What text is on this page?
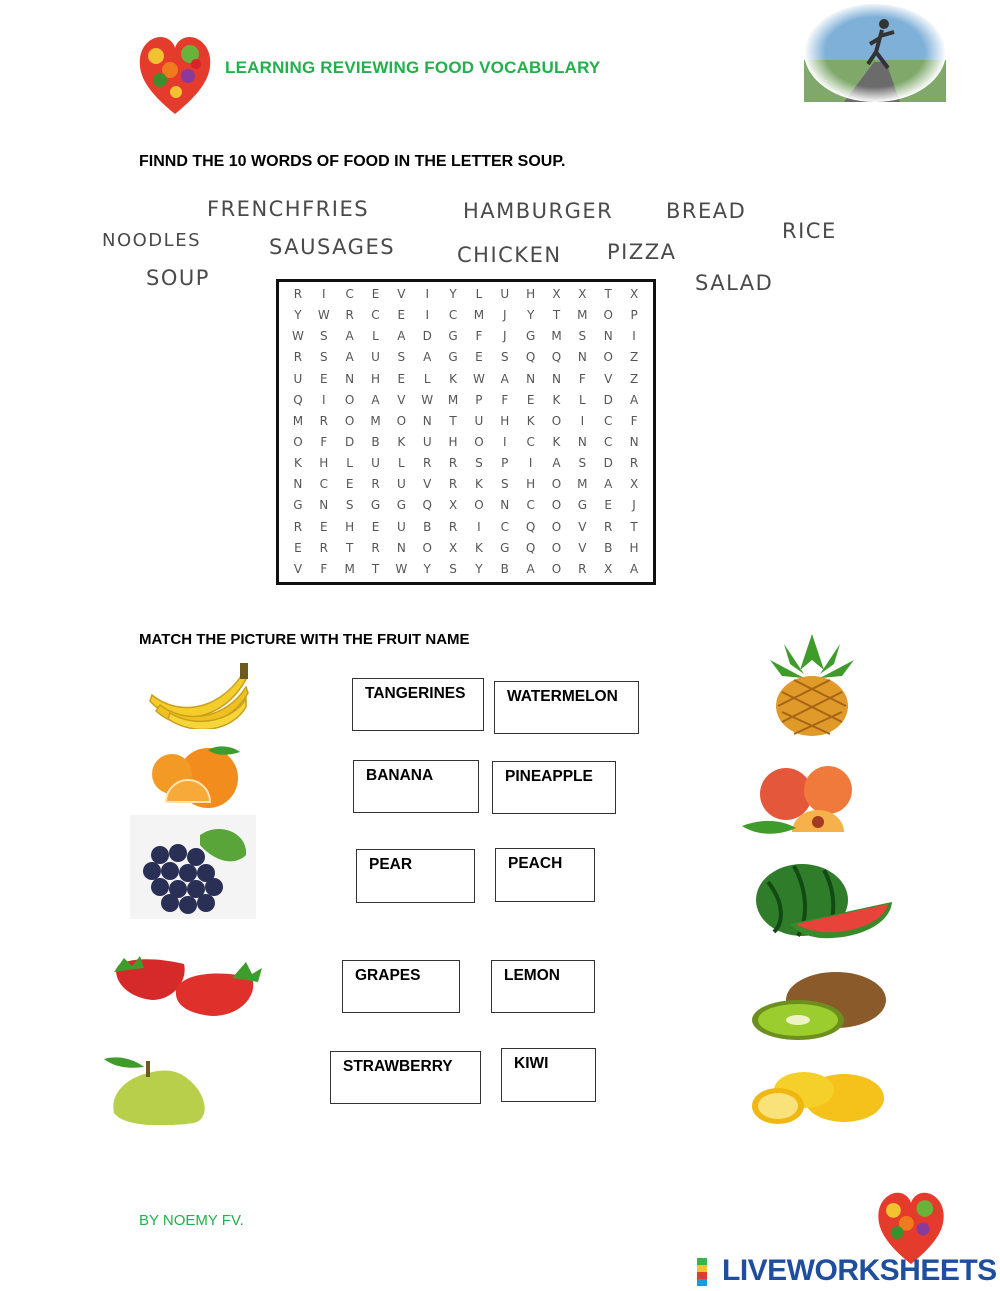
LEARNING REVIEWING FOOD VOCABULARY
FINND THE 10 WORDS OF FOOD IN THE LETTER SOUP.
FRENCHFRIES	HAMBURGER	BREAD
RICE
NOODLES	SAUSAGES	CHICKEN PIZZA
SOUP	SALAD
R	I	C	E	V	I	Y	L	U	H	X	X	T	X
Y	W	R	C	E	I	C	M	J	Y	T	M	O	P
W	S	A	L	A	D	G	F	J	G	M	S	N	I
R	S	A	U	S	A	G	E	S	Q	Q	N	O	Z
U	E	N	H	E	L	K	W	A	N	N	F	V	Z
Q	I	O	A	V	W	M	P	F	E	K	L	D	A
M	R	O	M	O	N	T	U	H	K	O	I	C	F
O	F	D	B	K	U	H	O	I	C	K	N	C	N
K	H	L	U	L	R	R	S	P	I	A	S	D	R
N	C	E	R	U	V	R	K	S	H	O	M	A	X
G	N	S	G	G	Q	X	O	N	C	O	G	E	J
R	E	H	E	U	B	R	I	C	Q	O	V	R	T
E	R	T	R	N	O	X	K	G	Q	O	V	B	H
V	F	M	T	W	Y	S	Y	B	A	O	R	X	A
MATCH THE PICTURE WITH THE FRUIT NAME
TANGERINES	WATERMELON
BANANA	PINEAPPLE
PEAR	PEACH
GRAPES	LEMON
STRAWBERRY	KIWI
BY NOEMY FV.
LIVEWORKSHEETS
